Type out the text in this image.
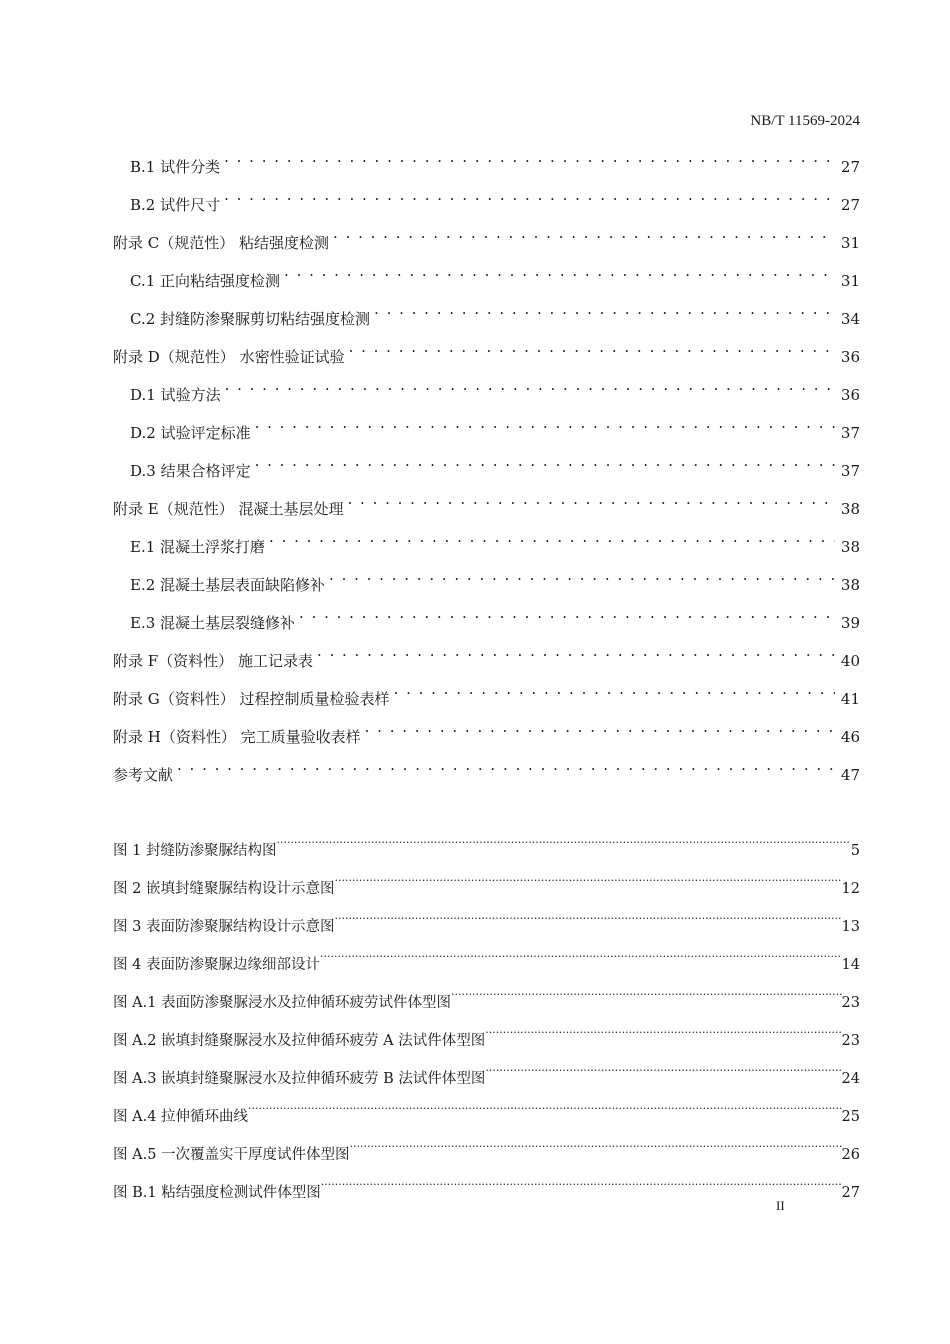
NB/T 11569-2024
B.1 试件分类 . . .	27
B.2 试件尺寸 . . .	27
附录 C（规范性） 粘结强度检测 . . .	31
C.1 正向粘结强度检测 . . .	31
C.2 封缝防渗聚脲剪切粘结强度检测 . . .	34
附录 D（规范性） 水密性验证试验 . . .	36
D.1 试验方法 . . .	36
D.2 试验评定标准 . . .	37
D.3 结果合格评定 . . .	37
附录 E（规范性） 混凝土基层处理 . . .	38
E.1 混凝土浮浆打磨 . . .	38
E.2 混凝土基层表面缺陷修补 . . .	38
E.3 混凝土基层裂缝修补 . . .	39
附录 F（资料性） 施工记录表 . . .	40
附录 G（资料性） 过程控制质量检验表样 . . .	41
附录 H（资料性） 完工质量验收表样 . . .	46
参考文献 . . .	47
图 1 封缝防渗聚脲结构图 .....	5
图 2 嵌填封缝聚脲结构设计示意图 .....	12
图 3 表面防渗聚脲结构设计示意图 .....	13
图 4 表面防渗聚脲边缘细部设计 .....	14
图 A.1 表面防渗聚脲浸水及拉伸循环疲劳试件体型图 .....	23
图 A.2 嵌填封缝聚脲浸水及拉伸循环疲劳 A 法试件体型图 .....	23
图 A.3 嵌填封缝聚脲浸水及拉伸循环疲劳 B 法试件体型图 .....	24
图 A.4 拉伸循环曲线 .....	25
图 A.5 一次覆盖实干厚度试件体型图 .....	26
图 B.1 粘结强度检测试件体型图 .....	27
II
